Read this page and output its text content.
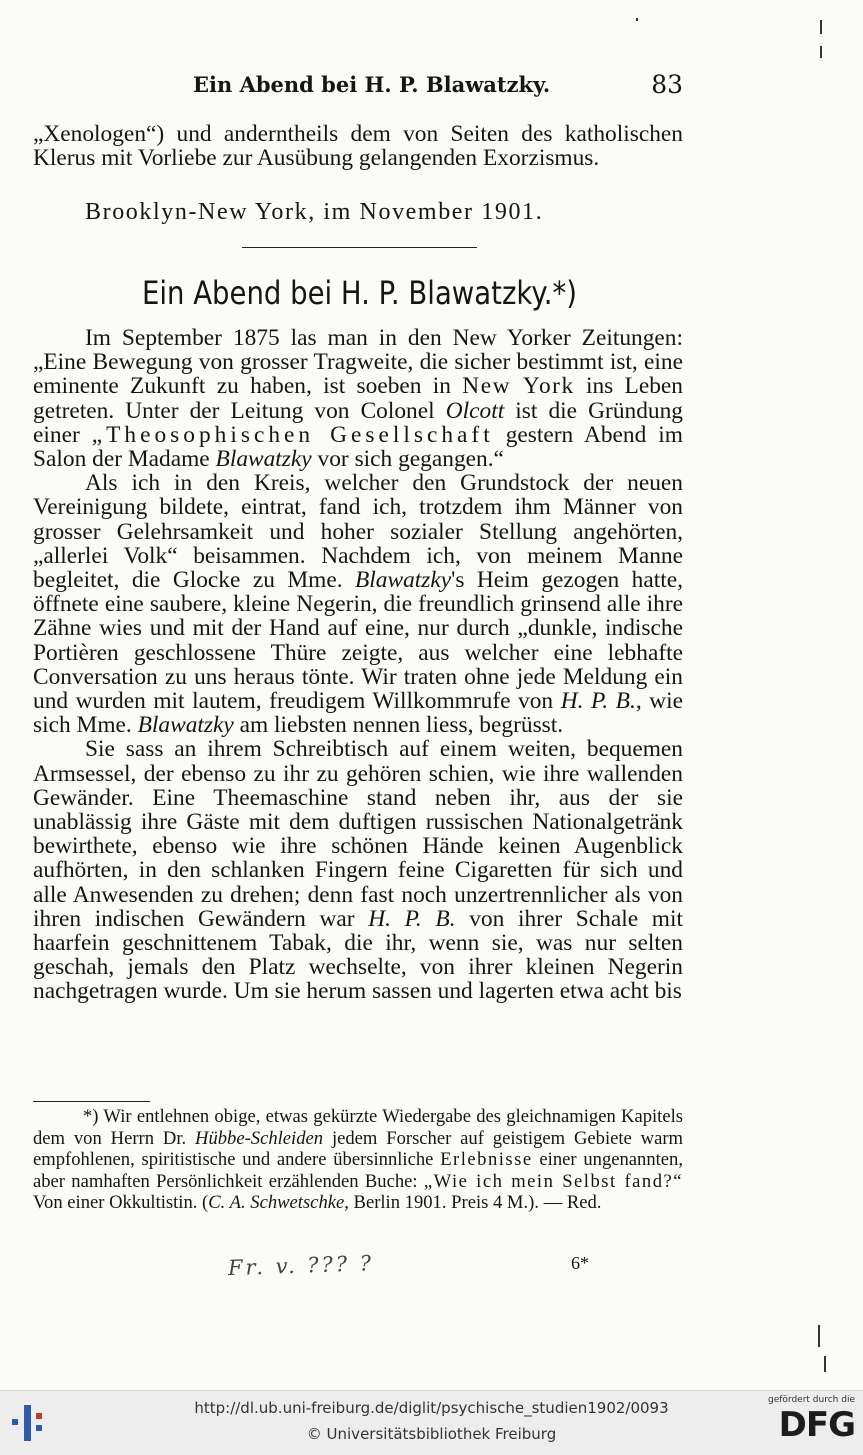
Ein Abend bei H. P. Blawatzky.	83

„Xenologen“) und anderntheils dem von Seiten des katholischen Klerus mit Vorliebe zur Ausübung gelangenden Exorzismus.

Brooklyn-New York, im November 1901.
Ein Abend bei H. P. Blawatzky.*)

Im September 1875 las man in den New Yorker Zeitungen: „Eine Bewegung von grosser Tragweite, die sicher bestimmt ist, eine eminente Zukunft zu haben, ist soeben in New York ins Leben getreten. Unter der Leitung von Colonel Olcott ist die Gründung einer „Theosophischen Gesellschaft gestern Abend im Salon der Madame Blawatzky vor sich gegangen.“

Als ich in den Kreis, welcher den Grundstock der neuen Vereinigung bildete, eintrat, fand ich, trotzdem ihm Männer von grosser Gelehrsamkeit und hoher sozialer Stellung angehörten, „allerlei Volk“ beisammen. Nachdem ich, von meinem Manne begleitet, die Glocke zu Mme. Blawatzky's Heim gezogen hatte, öffnete eine saubere, kleine Negerin, die freundlich grinsend alle ihre Zähne wies und mit der Hand auf eine, nur durch „dunkle, indische Portièren geschlossene Thüre zeigte, aus welcher eine lebhafte Conversation zu uns heraus tönte. Wir traten ohne jede Meldung ein und wurden mit lautem, freudigem Willkommrufe von H. P. B., wie sich Mme. Blawatzky am liebsten nennen liess, begrüsst.

Sie sass an ihrem Schreibtisch auf einem weiten, bequemen Armsessel, der ebenso zu ihr zu gehören schien, wie ihre wallenden Gewänder. Eine Theemaschine stand neben ihr, aus der sie unablässig ihre Gäste mit dem duftigen russischen Nationalgetränk bewirthete, ebenso wie ihre schönen Hände keinen Augenblick aufhörten, in den schlanken Fingern feine Cigaretten für sich und alle Anwesenden zu drehen; denn fast noch unzertrennlicher als von ihren indischen Gewändern war H. P. B. von ihrer Schale mit haarfein geschnittenem Tabak, die ihr, wenn sie, was nur selten geschah, jemals den Platz wechselte, von ihrer kleinen Negerin nachgetragen wurde. Um sie herum sassen und lagerten etwa acht bis

*) Wir entlehnen obige, etwas gekürzte Wiedergabe des gleichnamigen Kapitels dem von Herrn Dr. Hübbe-Schleiden jedem Forscher auf geistigem Gebiete warm empfohlenen, spiritistische und andere übersinnliche Erlebnisse einer ungenannten, aber namhaften Persönlichkeit erzählenden Buche: „Wie ich mein Selbst fand?“ Von einer Okkultistin. (C. A. Schwetschke, Berlin 1901. Preis 4 M.). — Red.

Fr. v. ??? ?	6*
http://dl.ub.uni-freiburg.de/diglit/psychische_studien1902/0093
© Universitätsbibliothek Freiburg
gefördert durch die
DFG
